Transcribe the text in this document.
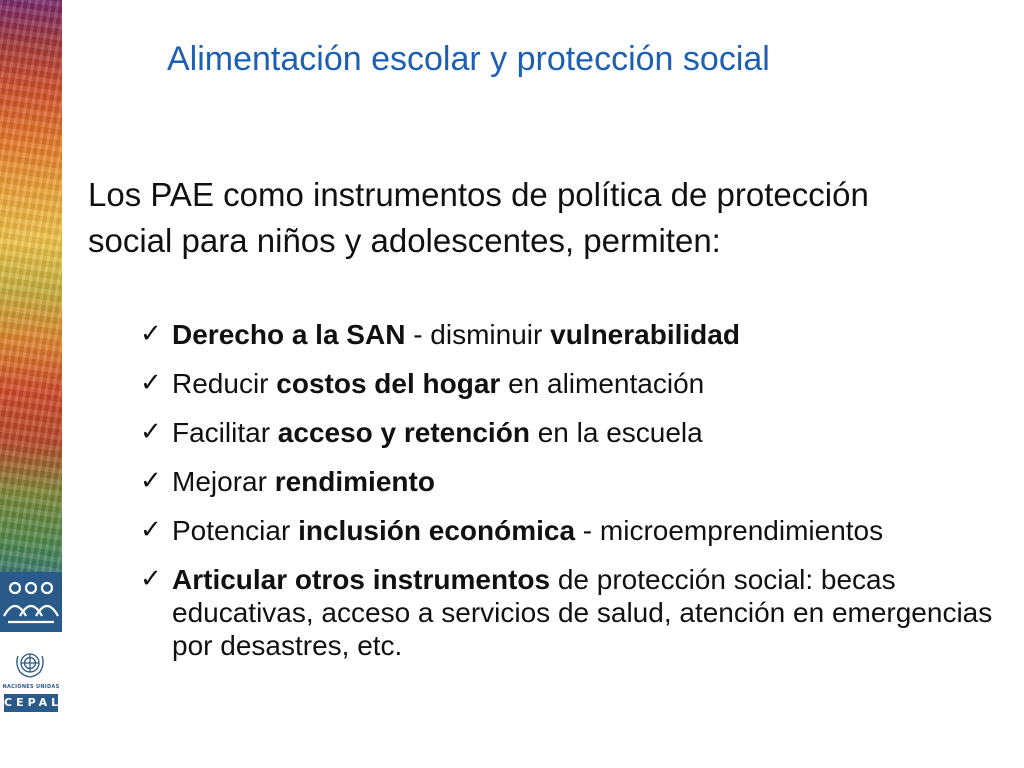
NACIONES UNIDAS
CEPAL
Alimentación escolar y protección social
Los PAE como instrumentos de política de protección social para niños y adolescentes, permiten:
✓ Derecho a la SAN - disminuir vulnerabilidad
✓ Reducir costos del hogar en alimentación
✓ Facilitar acceso y retención en la escuela
✓ Mejorar rendimiento
✓ Potenciar inclusión económica - microemprendimientos
✓ Articular otros instrumentos de protección social: becas educativas, acceso a servicios de salud, atención en emergencias por desastres, etc.
